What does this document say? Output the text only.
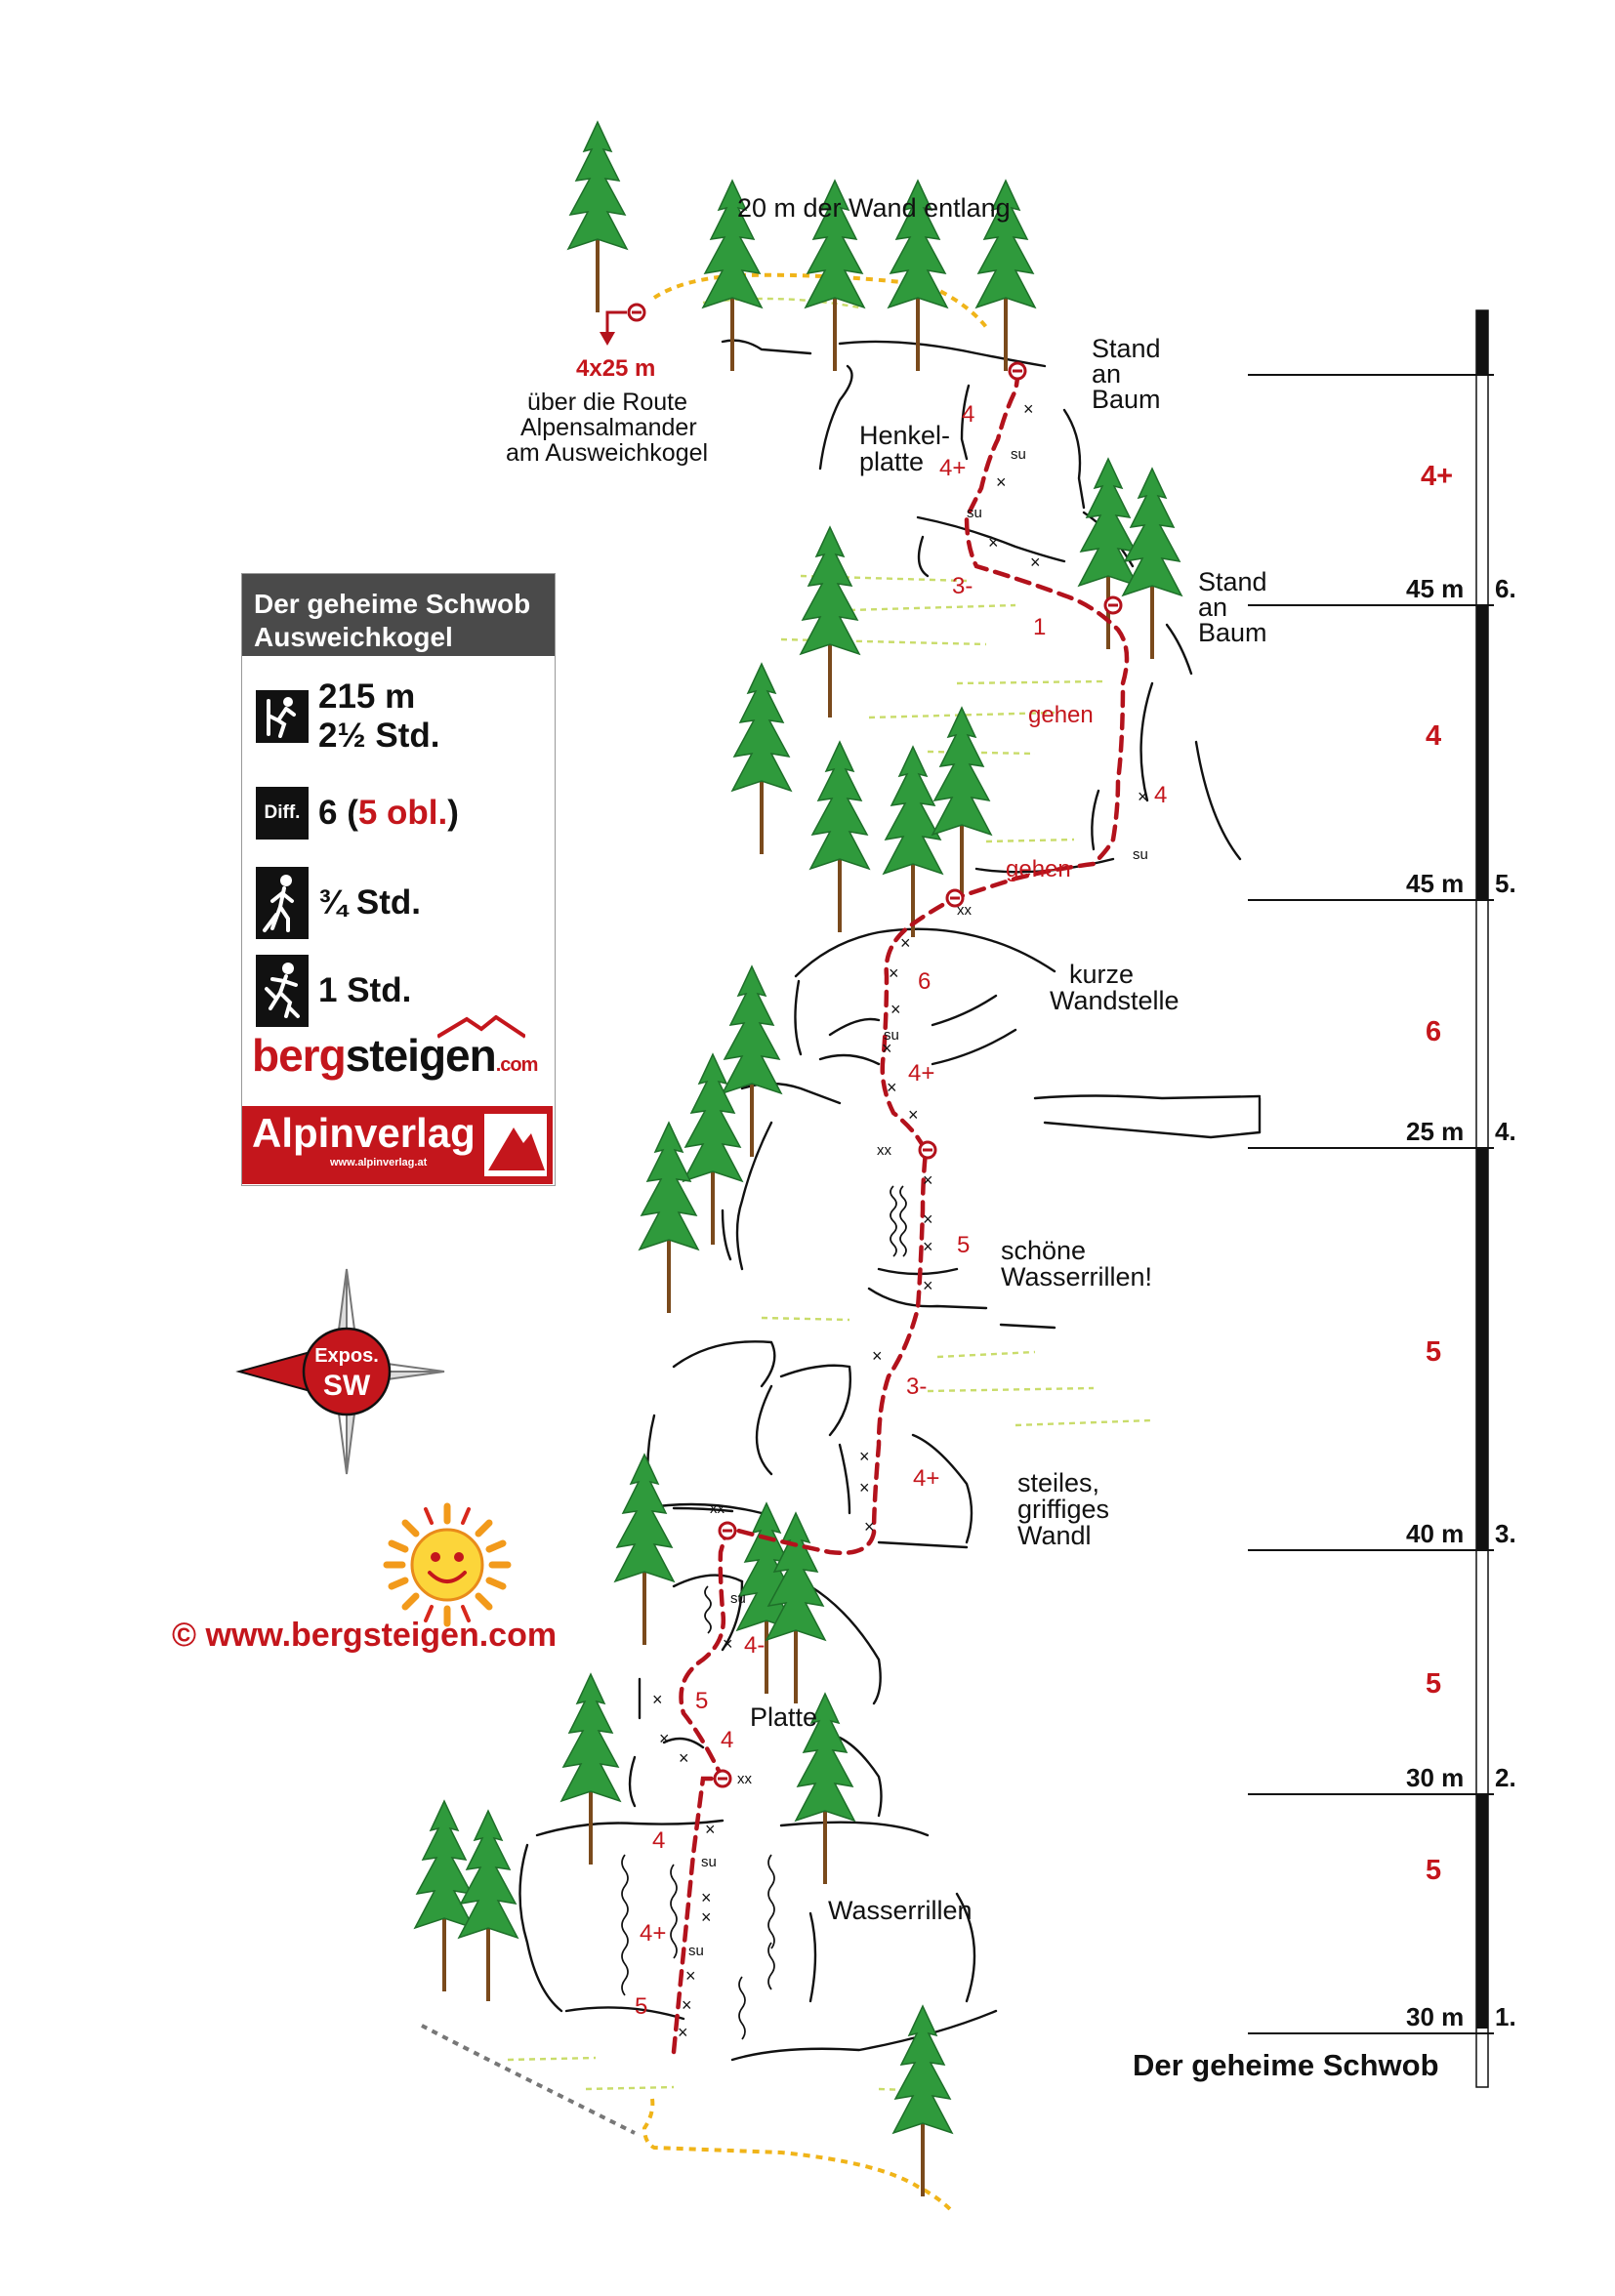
×
×
×
×
×
×
×
×
×
×
×
×
×
×
×
×
×
×
×
×
×
×
×
×
×
×
×
×
×
su
su
su
su
su
su
su
xx
xx
xx
xx
4
4+
3-
1
4
6
4+
5
3-
4+
4-
5
4
4
4+
5
gehen
gehen
20 m der Wand entlang
4x25 m
über die Route
Alpensalmander
am Ausweichkogel
Stand
an
Baum
Stand
an
Baum
Henkel-
platte
kurze
Wandstelle
schöne
Wasserrillen!
steiles,
griffiges
Wandl
Platte
Wasserrillen
45 m 6.
4+
45 m 5.
4
25 m 4.
6
40 m 3.
5
30 m 2.
5
30 m 1.
5
Expos.
SW
Der geheime Schwob
Ausweichkogel
215 m
2½ Std.
Diff. 6 (5 obl.)
¾ Std.
1 Std.
bergsteigen.com
Alpinverlag
www.alpinverlag.at
© www.bergsteigen.com
Der geheime Schwob
